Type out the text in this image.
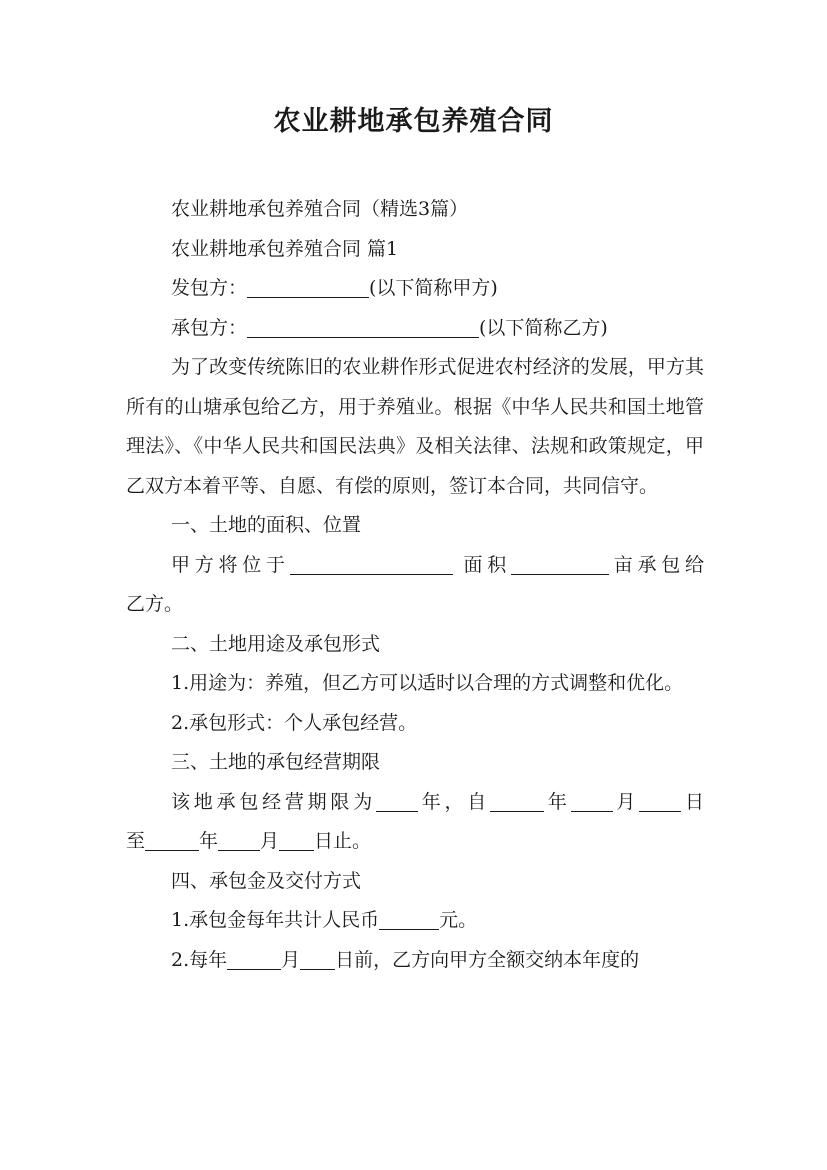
农业耕地承包养殖合同

农业耕地承包养殖合同（精选3篇）

农业耕地承包养殖合同 篇1

发包方：	(以下简称甲方)

承包方：	(以下简称乙方)

为了改变传统陈旧的农业耕作形式促进农村经济的发展，甲方其所有的山塘承包给乙方，用于养殖业。根据《中华人民共和国土地管理法》、《中华人民共和国民法典》及相关法律、法规和政策规定，甲乙双方本着平等、自愿、有偿的原则，签订本合同，共同信守。

一、土地的面积、位置

甲方将位于	面积	亩承包给

乙方。

二、土地用途及承包形式

1.用途为：养殖，但乙方可以适时以合理的方式调整和优化。

2.承包形式：个人承包经营。

三、土地的承包经营期限

该地承包经营期限为 年，自	年 月 日

至	年 月 日止。

四、承包金及交付方式

1.承包金每年共计人民币	元。

2.每年	月 日前，乙方向甲方全额交纳本年度的
